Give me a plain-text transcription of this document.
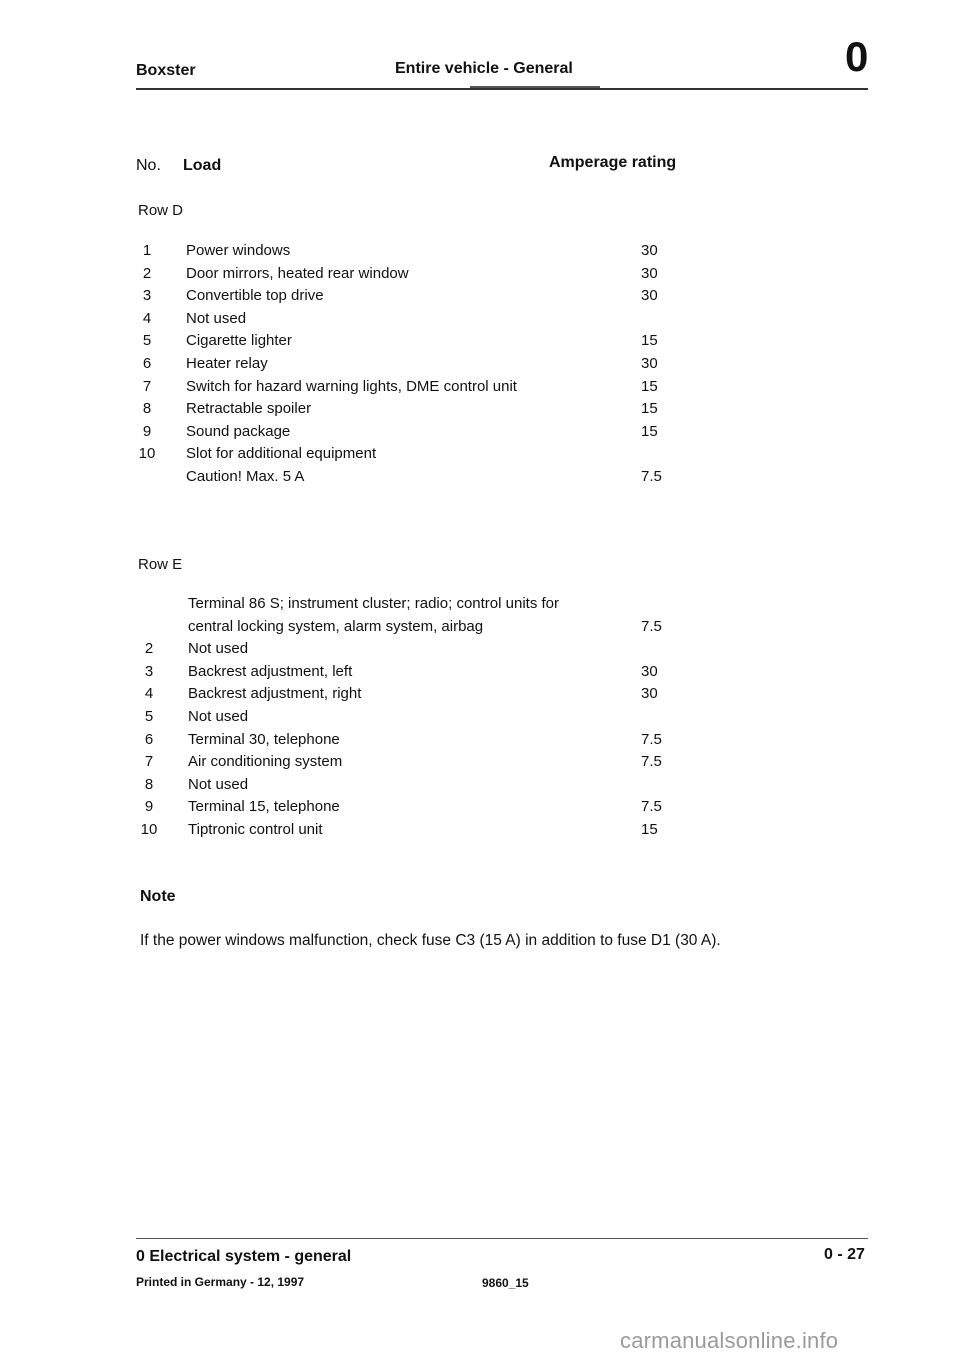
Boxster	Entire vehicle - General	0
No. Load	Amperage rating
Row D
1	Power windows	30
2	Door mirrors, heated rear window	30
3	Convertible top drive	30
4	Not used
5	Cigarette lighter	15
6	Heater relay	30
7	Switch for hazard warning lights, DME control unit	15
8	Retractable spoiler	15
9	Sound package	15
10	Slot for additional equipment
Caution! Max. 5 A	7.5
Row E
Terminal 86 S; instrument cluster; radio; control units for
central locking system, alarm system, airbag	7.5
2	Not used
3	Backrest adjustment, left	30
4	Backrest adjustment, right	30
5	Not used
6	Terminal 30, telephone	7.5
7	Air conditioning system	7.5
8	Not used
9	Terminal 15, telephone	7.5
10	Tiptronic control unit	15
Note
If the power windows malfunction, check fuse C3 (15 A) in addition to fuse D1 (30 A).
0 Electrical system - general	0 - 27
Printed in Germany - 12, 1997	9860_15
carmanualsonline.info
